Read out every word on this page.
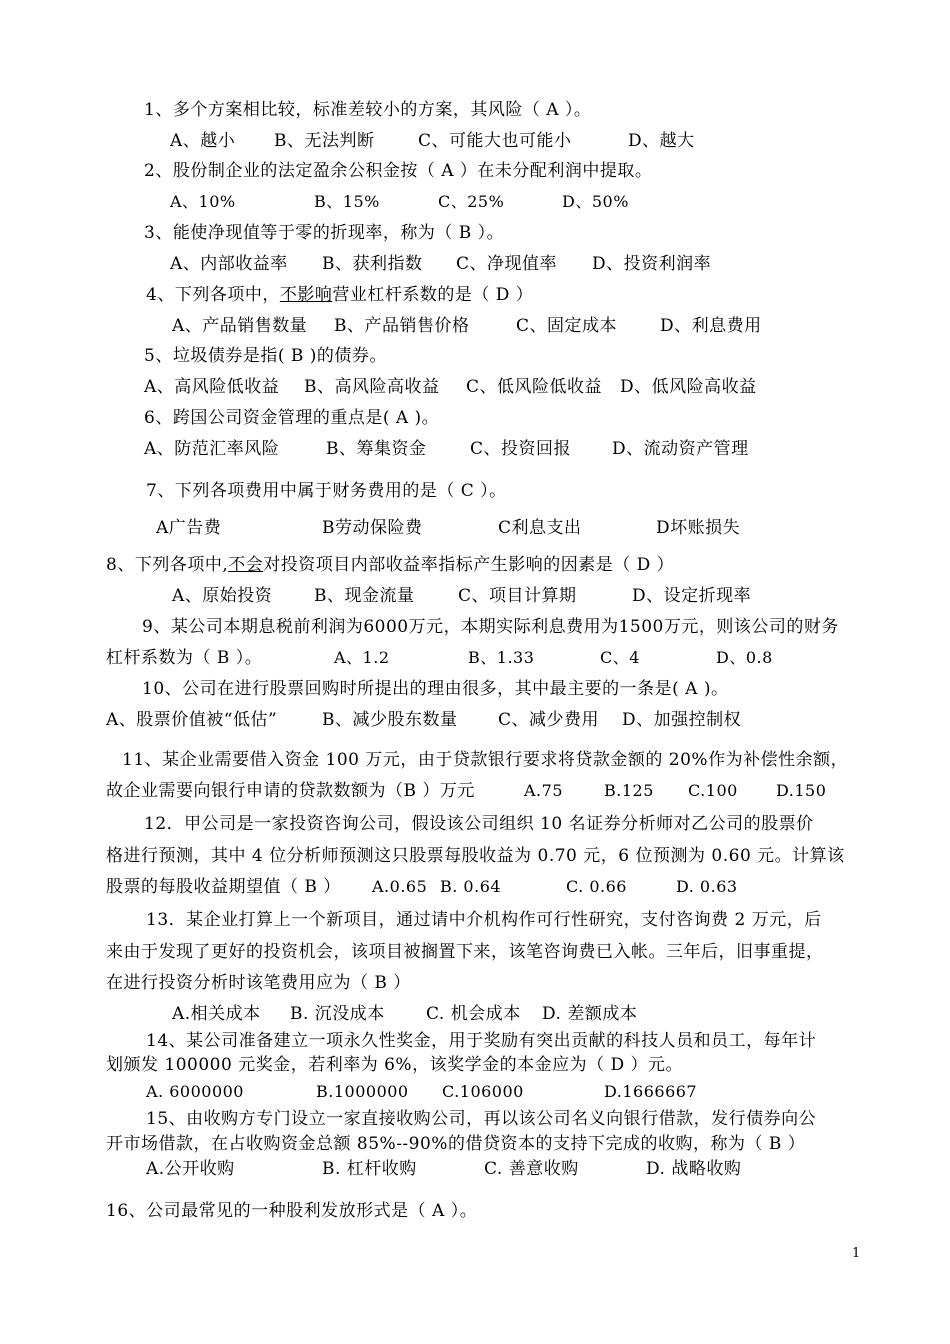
1、多个方案相比较，标准差较小的方案，其风险（ A ）。
A、越小 B、无法判断	C、可能大也可能小	D、越大
2、股份制企业的法定盈余公积金按（ A ）在未分配利润中提取。
A、10%	B、15%	C、25%	D、50%
3、能使净现值等于零的折现率，称为（ B ）。
A、内部收益率 B、获利指数 C、净现值率 D、投资利润率
4、下列各项中，不影响营业杠杆系数的是（ D ）
A、产品销售数量 B、产品销售价格	C、固定成本	D、利息费用
5、垃圾债券是指( B )的债券。
A、高风险低收益 B、高风险高收益 C、低风险低收益 D、低风险高收益
6、跨国公司资金管理的重点是( A )。
A、防范汇率风险	B、筹集资金	C、投资回报 D、流动资产管理
7、下列各项费用中属于财务费用的是（ C ）。
A广告费	B劳动保险费	C利息支出	D坏账损失
8、下列各项中,不会对投资项目内部收益率指标产生影响的因素是（ D ）
A、原始投资 B、现金流量	C、项目计算期	D、设定折现率
9、某公司本期息税前利润为6000万元，本期实际利息费用为1500万元，则该公司的财务
杠杆系数为（ B ）。	A、1.2	B、1.33	C、4	D、0.8
10、公司在进行股票回购时所提出的理由很多，其中最主要的一条是( A )。
A、股票价值被“低估”	B、减少股东数量 C、减少费用 D、加强控制权
11、某企业需要借入资金 100 万元，由于贷款银行要求将贷款金额的 20%作为补偿性余额，
故企业需要向银行申请的贷款数额为（B ）万元	A.75	B.125 C.100 D.150
12．甲公司是一家投资咨询公司，假设该公司组织 10 名证券分析师对乙公司的股票价
格进行预测，其中 4 位分析师预测这只股票每股收益为 0.70 元，6 位预测为 0.60 元。计算该
股票的每股收益期望值（ B ） A.0.65 B. 0.64	C. 0.66	D. 0.63
13．某企业打算上一个新项目，通过请中介机构作可行性研究，支付咨询费 2 万元，后
来由于发现了更好的投资机会，该项目被搁置下来，该笔咨询费已入帐。三年后，旧事重提，
在进行投资分析时该笔费用应为（ B ）
A.相关成本 B. 沉没成本 C. 机会成本 D. 差额成本
14、某公司准备建立一项永久性奖金，用于奖励有突出贡献的科技人员和员工，每年计
划颁发 100000 元奖金，若利率为 6%，该奖学金的本金应为（ D ）元。
A. 6000000	B.1000000 C.106000	D.1666667
15、由收购方专门设立一家直接收购公司，再以该公司名义向银行借款，发行债券向公
开市场借款，在占收购资金总额 85%--90%的借贷资本的支持下完成的收购，称为（ B ）
A.公开收购	B. 杠杆收购	C. 善意收购	D. 战略收购
16、公司最常见的一种股利发放形式是（ A ）。
1
